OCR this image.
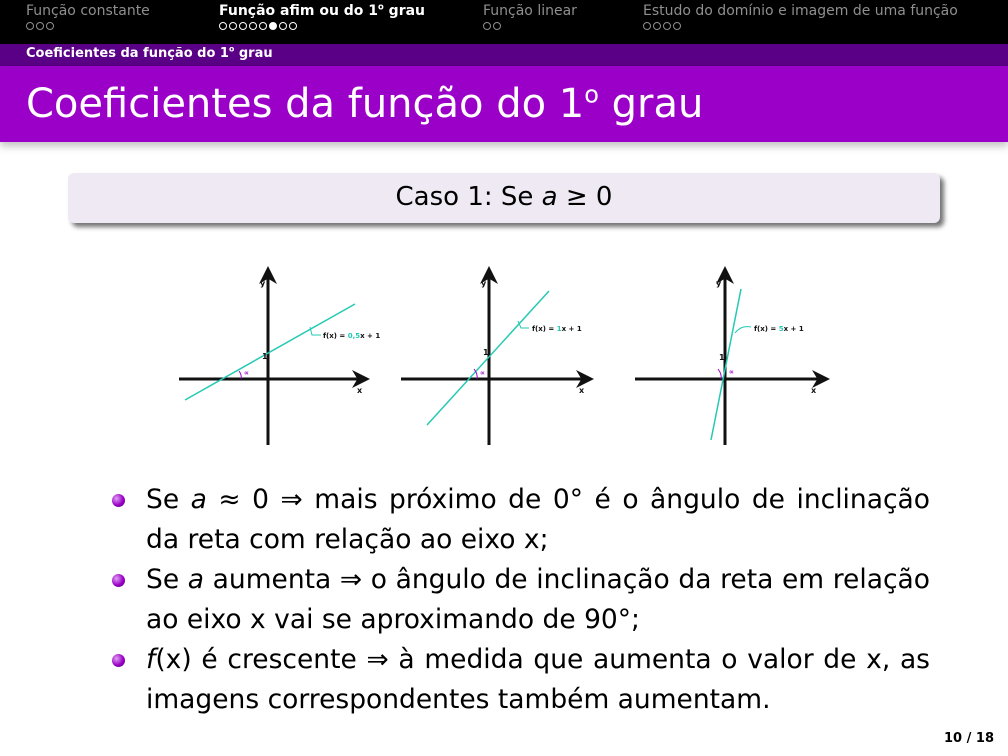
Função constante	Função afim ou do 1$^o$ grau	Função linear	Estudo do domínio e imagem de uma função
Coeficientes da função do 1$^o$ grau
Coeficientes da função do 1$^o$ grau
Caso 1: Se a ≥ 0
∝
y
x
1
f(x) = 0,5x + 1
∝
y
x
1
f(x) = 1x + 1
∝
y
x
1
f(x) = 5x + 1
Se a ≈ 0 ⇒ mais próximo de 0° é o ângulo de inclinação da reta com relação ao eixo x;
Se a aumenta ⇒ o ângulo de inclinação da reta em relação ao eixo x vai se aproximando de 90°;
f(x) é crescente ⇒ à medida que aumenta o valor de x, as imagens correspondentes também aumentam.
10 / 18
